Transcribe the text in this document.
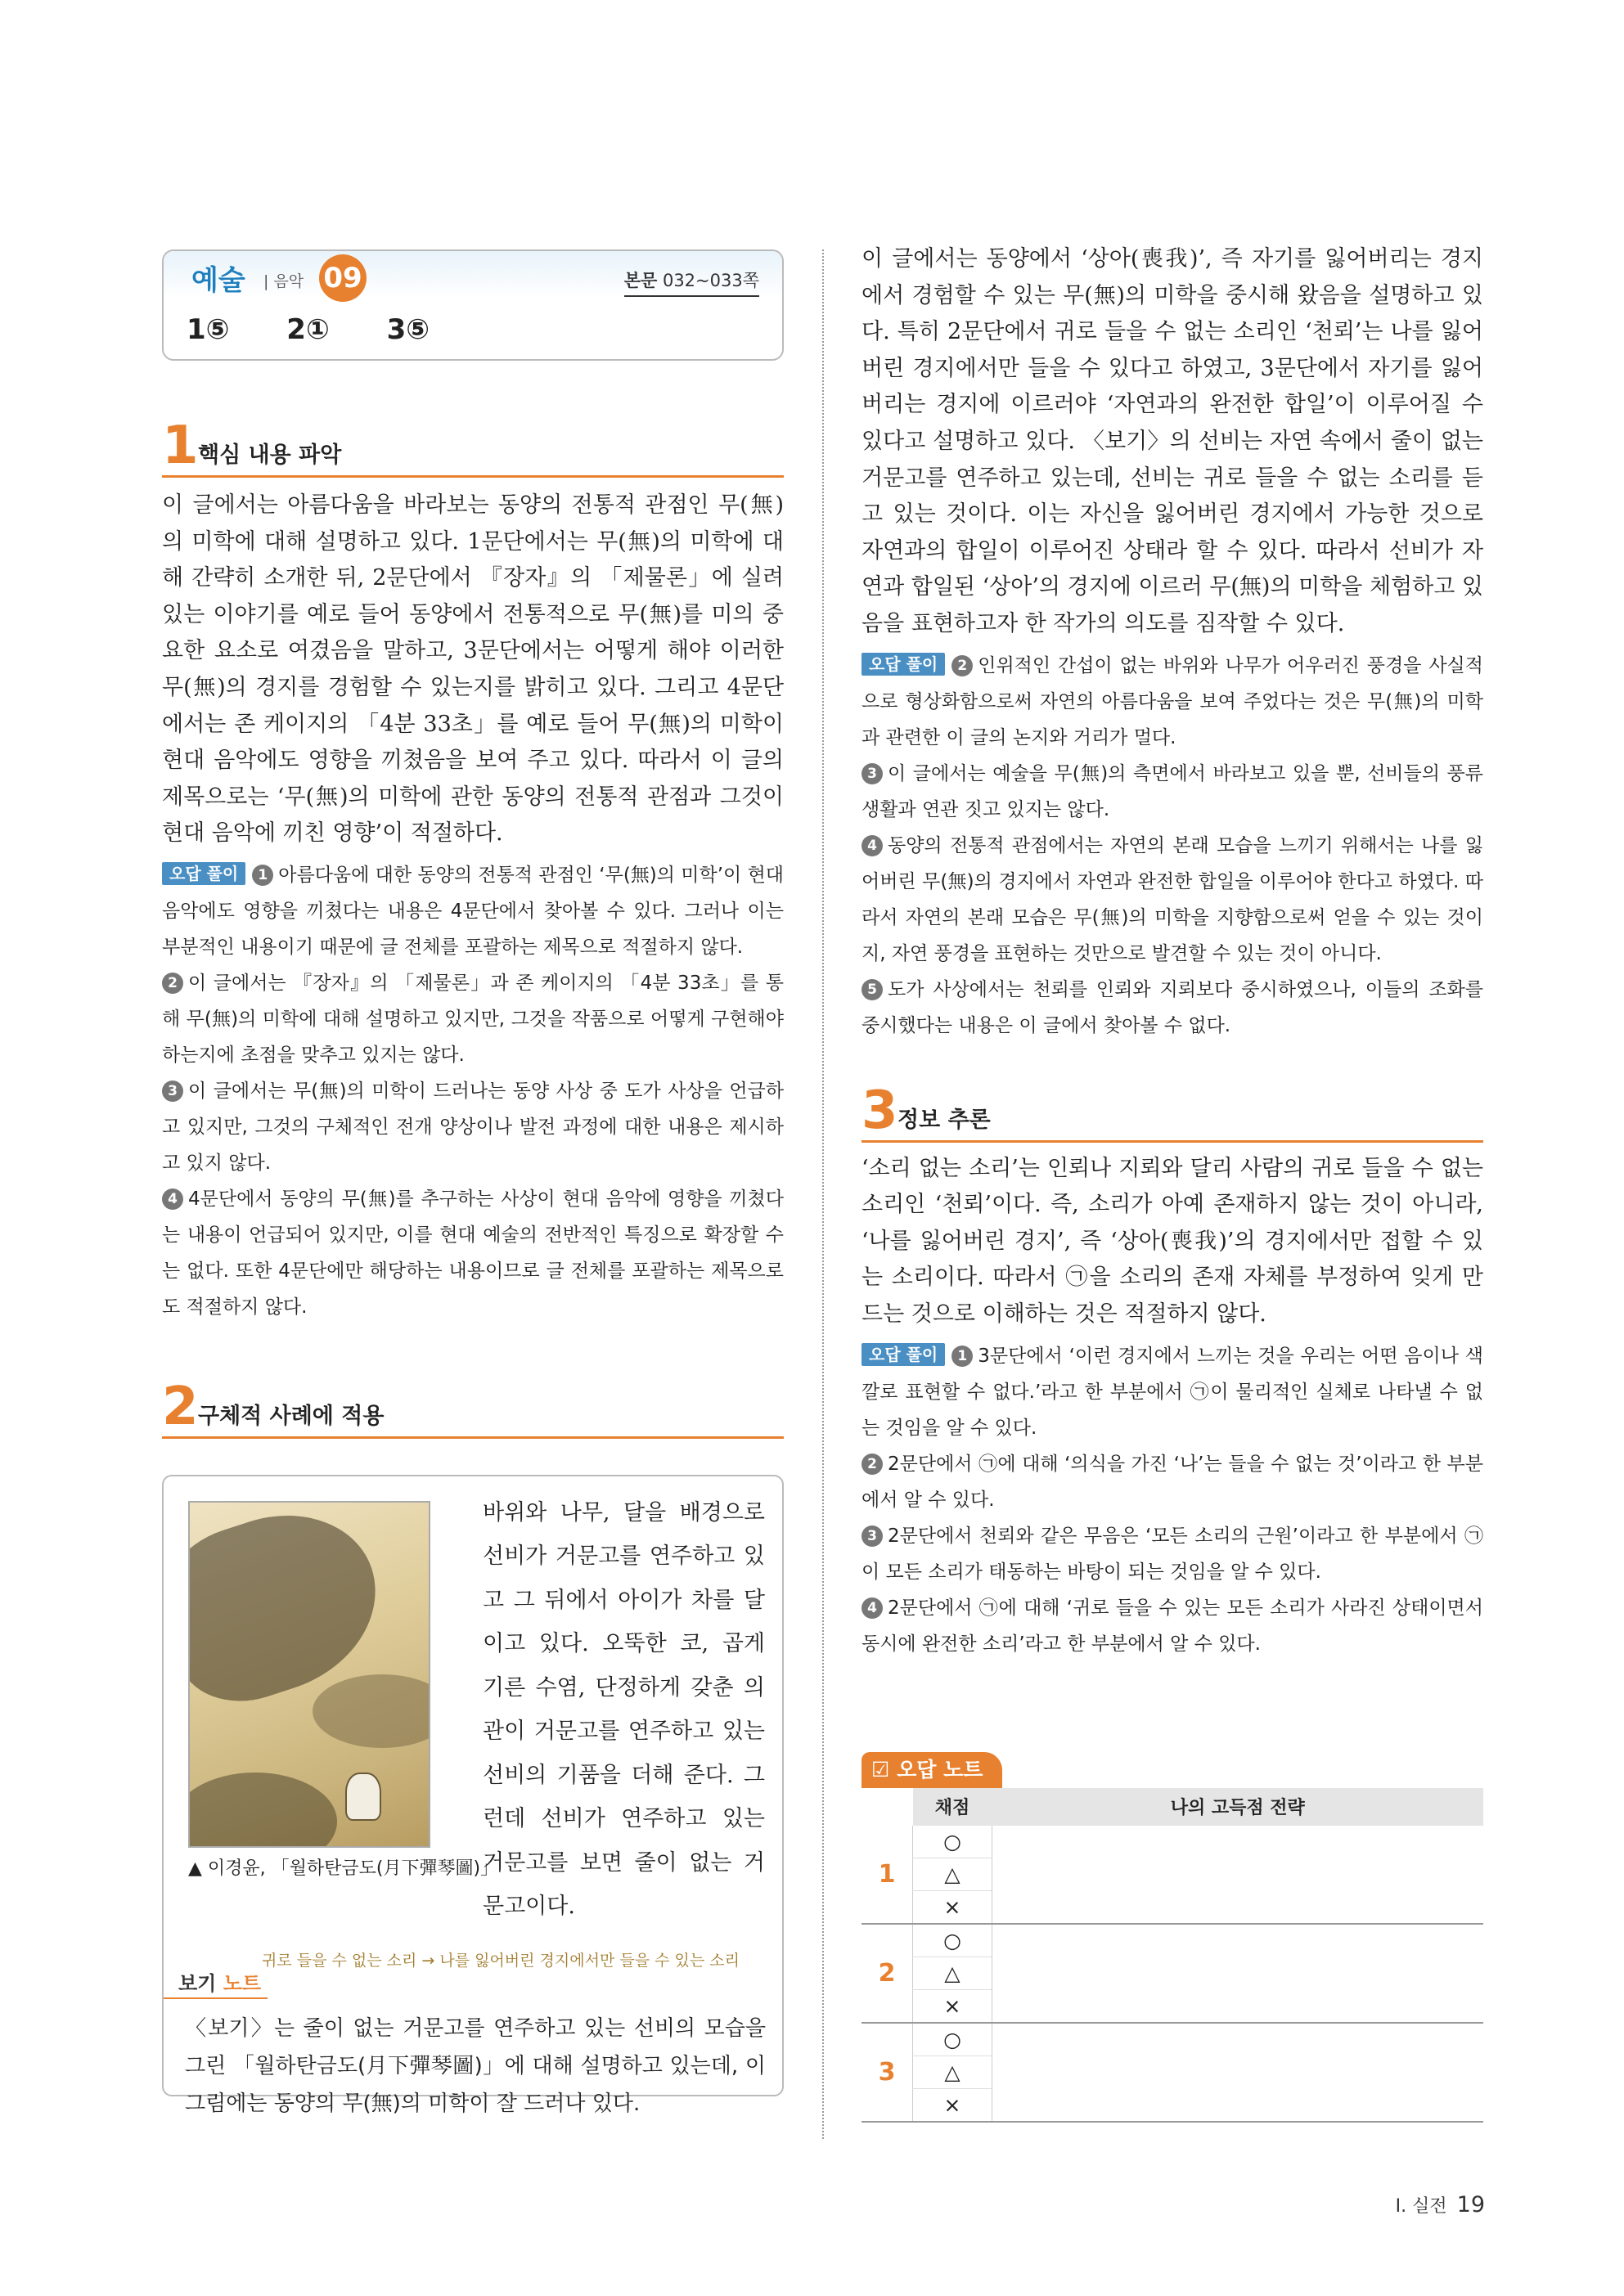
예술 | 음악 09	본문 032~033쪽
1⑤ 2① 3⑤
1 핵심 내용 파악

이 글에서는 아름다움을 바라보는 동양의 전통적 관점인 무(無)의 미학에 대해 설명하고 있다. 1문단에서는 무(無)의 미학에 대해 간략히 소개한 뒤, 2문단에서 『장자』의 「제물론」에 실려 있는 이야기를 예로 들어 동양에서 전통적으로 무(無)를 미의 중요한 요소로 여겼음을 말하고, 3문단에서는 어떻게 해야 이러한 무(無)의 경지를 경험할 수 있는지를 밝히고 있다. 그리고 4문단에서는 존 케이지의 「4분 33초」를 예로 들어 무(無)의 미학이 현대 음악에도 영향을 끼쳤음을 보여 주고 있다. 따라서 이 글의 제목으로는 ‘무(無)의 미학에 관한 동양의 전통적 관점과 그것이 현대 음악에 끼친 영향’이 적절하다.

오답 풀이 1 아름다움에 대한 동양의 전통적 관점인 ‘무(無)의 미학’이 현대 음악에도 영향을 끼쳤다는 내용은 4문단에서 찾아볼 수 있다. 그러나 이는 부분적인 내용이기 때문에 글 전체를 포괄하는 제목으로 적절하지 않다.

2 이 글에서는 『장자』의 「제물론」과 존 케이지의 「4분 33초」를 통해 무(無)의 미학에 대해 설명하고 있지만, 그것을 작품으로 어떻게 구현해야 하는지에 초점을 맞추고 있지는 않다.

3 이 글에서는 무(無)의 미학이 드러나는 동양 사상 중 도가 사상을 언급하고 있지만, 그것의 구체적인 전개 양상이나 발전 과정에 대한 내용은 제시하고 있지 않다.

4 4문단에서 동양의 무(無)를 추구하는 사상이 현대 음악에 영향을 끼쳤다는 내용이 언급되어 있지만, 이를 현대 예술의 전반적인 특징으로 확장할 수는 없다. 또한 4문단에만 해당하는 내용이므로 글 전체를 포괄하는 제목으로도 적절하지 않다.

2 구체적 사례에 적용
▲ 이경윤, 「월하탄금도(月下彈琴圖)」

바위와 나무, 달을 배경으로 선비가 거문고를 연주하고 있고 그 뒤에서 아이가 차를 달이고 있다. 오뚝한 코, 곱게 기른 수염, 단정하게 갖춘 의관이 거문고를 연주하고 있는 선비의 기품을 더해 준다. 그런데 선비가 연주하고 있는 거문고를 보면 줄이 없는 거문고이다.

귀로 들을 수 없는 소리 → 나를 잃어버린 경지에서만 들을 수 있는 소리
보기 노트

〈보기〉는 줄이 없는 거문고를 연주하고 있는 선비의 모습을 그린 「월하탄금도(月下彈琴圖)」에 대해 설명하고 있는데, 이 그림에는 동양의 무(無)의 미학이 잘 드러나 있다.

이 글에서는 동양에서 ‘상아(喪我)’, 즉 자기를 잃어버리는 경지에서 경험할 수 있는 무(無)의 미학을 중시해 왔음을 설명하고 있다. 특히 2문단에서 귀로 들을 수 없는 소리인 ‘천뢰’는 나를 잃어버린 경지에서만 들을 수 있다고 하였고, 3문단에서 자기를 잃어버리는 경지에 이르러야 ‘자연과의 완전한 합일’이 이루어질 수 있다고 설명하고 있다. 〈보기〉의 선비는 자연 속에서 줄이 없는 거문고를 연주하고 있는데, 선비는 귀로 들을 수 없는 소리를 듣고 있는 것이다. 이는 자신을 잃어버린 경지에서 가능한 것으로 자연과의 합일이 이루어진 상태라 할 수 있다. 따라서 선비가 자연과 합일된 ‘상아’의 경지에 이르러 무(無)의 미학을 체험하고 있음을 표현하고자 한 작가의 의도를 짐작할 수 있다.

오답 풀이 2 인위적인 간섭이 없는 바위와 나무가 어우러진 풍경을 사실적으로 형상화함으로써 자연의 아름다움을 보여 주었다는 것은 무(無)의 미학과 관련한 이 글의 논지와 거리가 멀다.

3 이 글에서는 예술을 무(無)의 측면에서 바라보고 있을 뿐, 선비들의 풍류 생활과 연관 짓고 있지는 않다.

4 동양의 전통적 관점에서는 자연의 본래 모습을 느끼기 위해서는 나를 잃어버린 무(無)의 경지에서 자연과 완전한 합일을 이루어야 한다고 하였다. 따라서 자연의 본래 모습은 무(無)의 미학을 지향함으로써 얻을 수 있는 것이지, 자연 풍경을 표현하는 것만으로 발견할 수 있는 것이 아니다.

5 도가 사상에서는 천뢰를 인뢰와 지뢰보다 중시하였으나, 이들의 조화를 중시했다는 내용은 이 글에서 찾아볼 수 없다.

3 정보 추론

‘소리 없는 소리’는 인뢰나 지뢰와 달리 사람의 귀로 들을 수 없는 소리인 ‘천뢰’이다. 즉, 소리가 아예 존재하지 않는 것이 아니라, ‘나를 잃어버린 경지’, 즉 ‘상아(喪我)’의 경지에서만 접할 수 있는 소리이다. 따라서 ㉠을 소리의 존재 자체를 부정하여 잊게 만드는 것으로 이해하는 것은 적절하지 않다.

오답 풀이 1 3문단에서 ‘이런 경지에서 느끼는 것을 우리는 어떤 음이나 색깔로 표현할 수 없다.’라고 한 부분에서 ㉠이 물리적인 실체로 나타낼 수 없는 것임을 알 수 있다.

2 2문단에서 ㉠에 대해 ‘의식을 가진 ‘나’는 들을 수 없는 것’이라고 한 부분에서 알 수 있다.

3 2문단에서 천뢰와 같은 무음은 ‘모든 소리의 근원’이라고 한 부분에서 ㉠이 모든 소리가 태동하는 바탕이 되는 것임을 알 수 있다.

4 2문단에서 ㉠에 대해 ‘귀로 들을 수 있는 모든 소리가 사라진 상태이면서 동시에 완전한 소리’라고 한 부분에서 알 수 있다.

☑ 오답 노트
	채점	나의 고득점 전략
1	○	
	△	
	×	
2	○	
	△	
	×	
3	○	
	△	
	×	
Ⅰ. 실전 19
